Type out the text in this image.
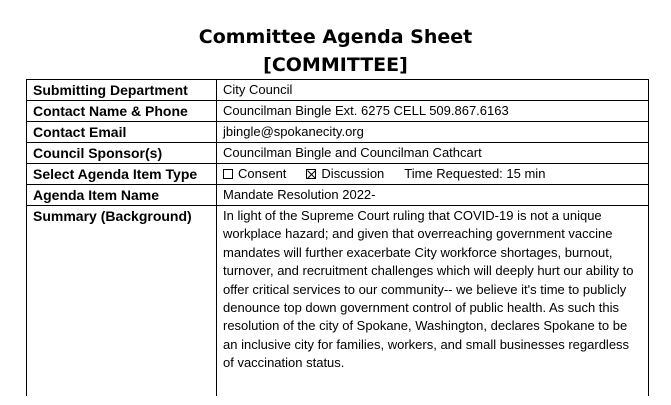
Committee Agenda Sheet
[COMMITTEE]
Submitting Department	City Council
Contact Name & Phone	Councilman Bingle Ext. 6275 CELL 509.867.6163
Contact Email	jbingle@spokanecity.org
Council Sponsor(s)	Councilman Bingle and Councilman Cathcart
Select Agenda Item Type	Consent Discussion Time Requested: 15 min

Agenda Item Name	Mandate Resolution 2022-
Summary (Background)	In light of the Supreme Court ruling that COVID-19 is not a unique workplace hazard; and given that overreaching government vaccine mandates will further exacerbate City workforce shortages, burnout, turnover, and recruitment challenges which will deeply hurt our ability to offer critical services to our community-- we believe it's time to publicly denounce top down government control of public health. As such this resolution of the city of Spokane, Washington, declares Spokane to be an inclusive city for families, workers, and small businesses regardless of vaccination status.
